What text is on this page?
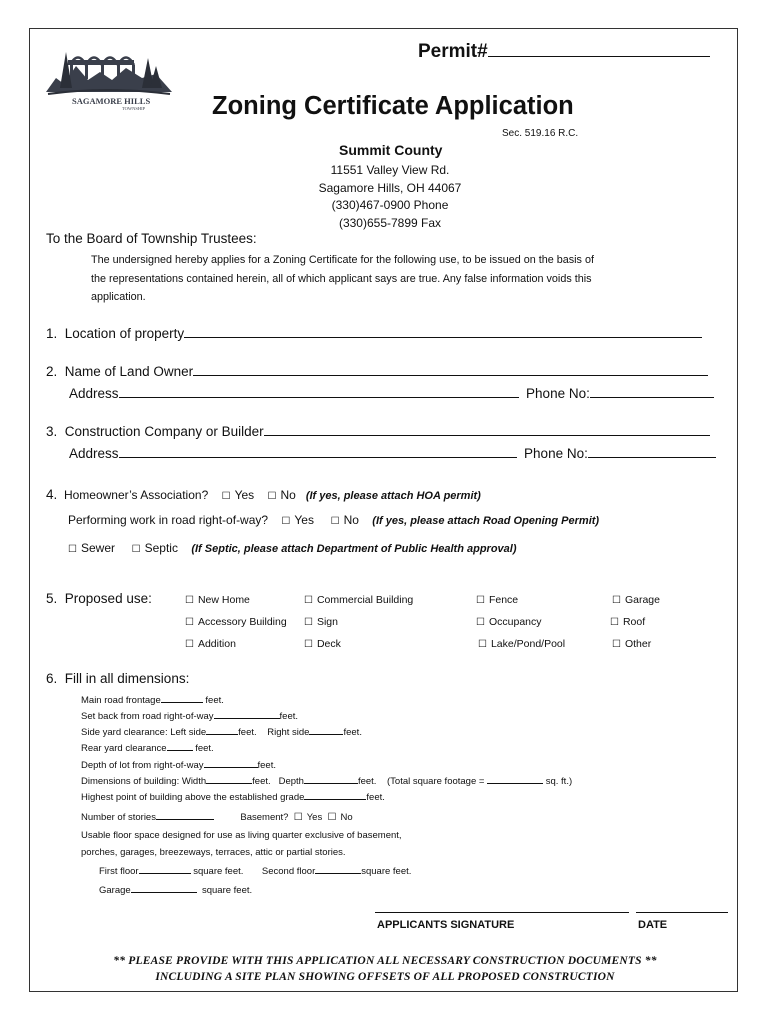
SAGAMORE HILLS
TOWNSHIP
Permit#
Zoning Certificate Application
Sec. 519.16 R.C.
Summit County
11551 Valley View Rd.
Sagamore Hills, OH 44067
(330)467-0900 Phone
(330)655-7899 Fax
To the Board of Township Trustees:
The undersigned hereby applies for a Zoning Certificate for the following use, to be issued on the basis of
the representations contained herein, all of which applicant says are true. Any false information voids this
application.
1. Location of property
2. Name of Land Owner
Address	Phone No:
3. Construction Company or Builder
Address	Phone No:
4. Homeowner’s Association? ☐ Yes ☐ No (If yes, please attach HOA permit)
Performing work in road right-of-way? ☐ Yes ☐ No (If yes, please attach Road Opening Permit)
☐ Sewer ☐ Septic (If Septic, please attach Department of Public Health approval)
5. Proposed use:	☐ New Home	☐ Commercial Building	☐ Fence	☐ Garage
☐ Accessory Building ☐ Sign	☐ Occupancy	☐ Roof
☐ Addition	☐ Deck	☐ Lake/Pond/Pool	☐ Other
6. Fill in all dimensions:
Main road frontage	feet.
Set back from road right-of-way	feet.
Side yard clearance: Left side	feet. Right side	feet.
Rear yard clearance	feet.
Depth of lot from right-of-way	feet.
Dimensions of building: Width	feet. Depth	feet. (Total square footage =	sq. ft.)
Highest point of building above the established grade	feet.
Number of stories	Basement? ☐ Yes ☐ No
Usable floor space designed for use as living quarter exclusive of basement,
porches, garages, breezeways, terraces, attic or partial stories.
First floor	square feet. Second floor	square feet.
Garage	square feet.
APPLICANTS SIGNATURE	DATE
** PLEASE PROVIDE WITH THIS APPLICATION ALL NECESSARY CONSTRUCTION DOCUMENTS **
INCLUDING A SITE PLAN SHOWING OFFSETS OF ALL PROPOSED CONSTRUCTION
